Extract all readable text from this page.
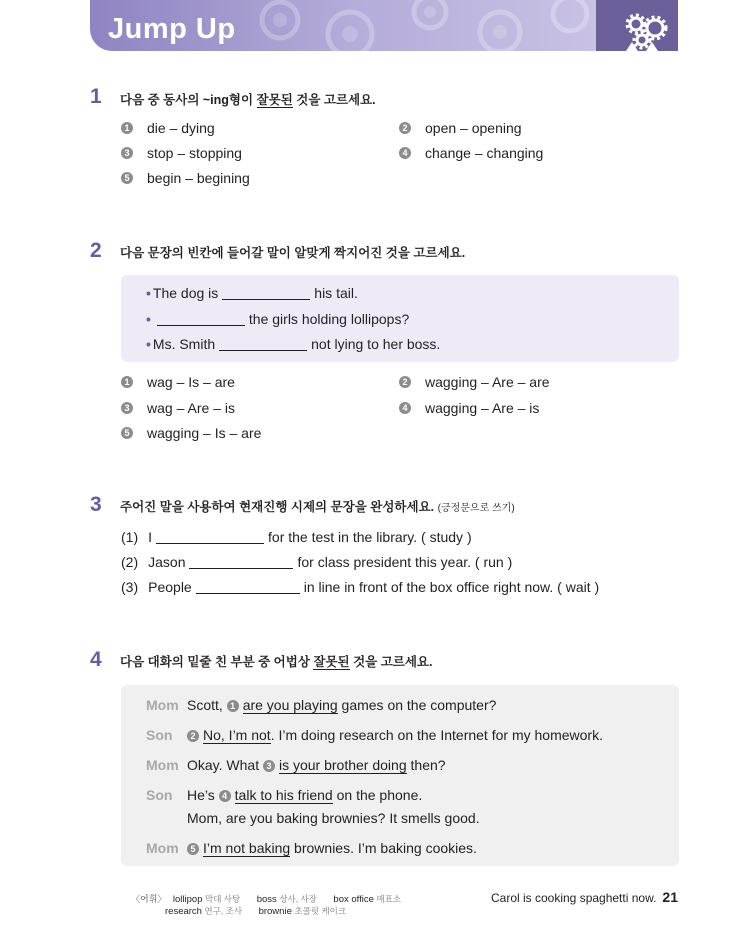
Jump Up
1 다음 중 동사의 ~ing형이 잘못된 것을 고르세요.
1 die – dying	2 open – opening
3 stop – stopping	4 change – changing
5 begin – begining
2 다음 문장의 빈칸에 들어갈 말이 알맞게 짝지어진 것을 고르세요.
• The dog is	his tail.
•	the girls holding lollipops?
• Ms. Smith	not lying to her boss.
1 wag – Is – are	2 wagging – Are – are
3 wag – Are – is	4 wagging – Are – is
5 wagging – Is – are
3 주어진 말을 사용하여 현재진행 시제의 문장을 완성하세요. (긍정문으로 쓰기)
(1) I	for the test in the library. ( study )
(2) Jason	for class president this year. ( run )
(3) People	in line in front of the box office right now. ( wait )
4 다음 대화의 밑줄 친 부분 중 어법상 잘못된 것을 고르세요.
Mom Scott, 1 are you playing games on the computer?
Son	2 No, I’m not. I’m doing research on the Internet for my homework.
Mom Okay. What 3 is your brother doing then?
Son He’s 4 talk to his friend on the phone.
Mom, are you baking brownies? It smells good.
Mom	5 I’m not baking brownies. I’m baking cookies.
〈어휘〉 lollipop 막대 사탕 boss 상사, 사장 box office 매표소
research 연구, 조사 brownie 초콜릿 케이크
Carol is cooking spaghetti now. 21
